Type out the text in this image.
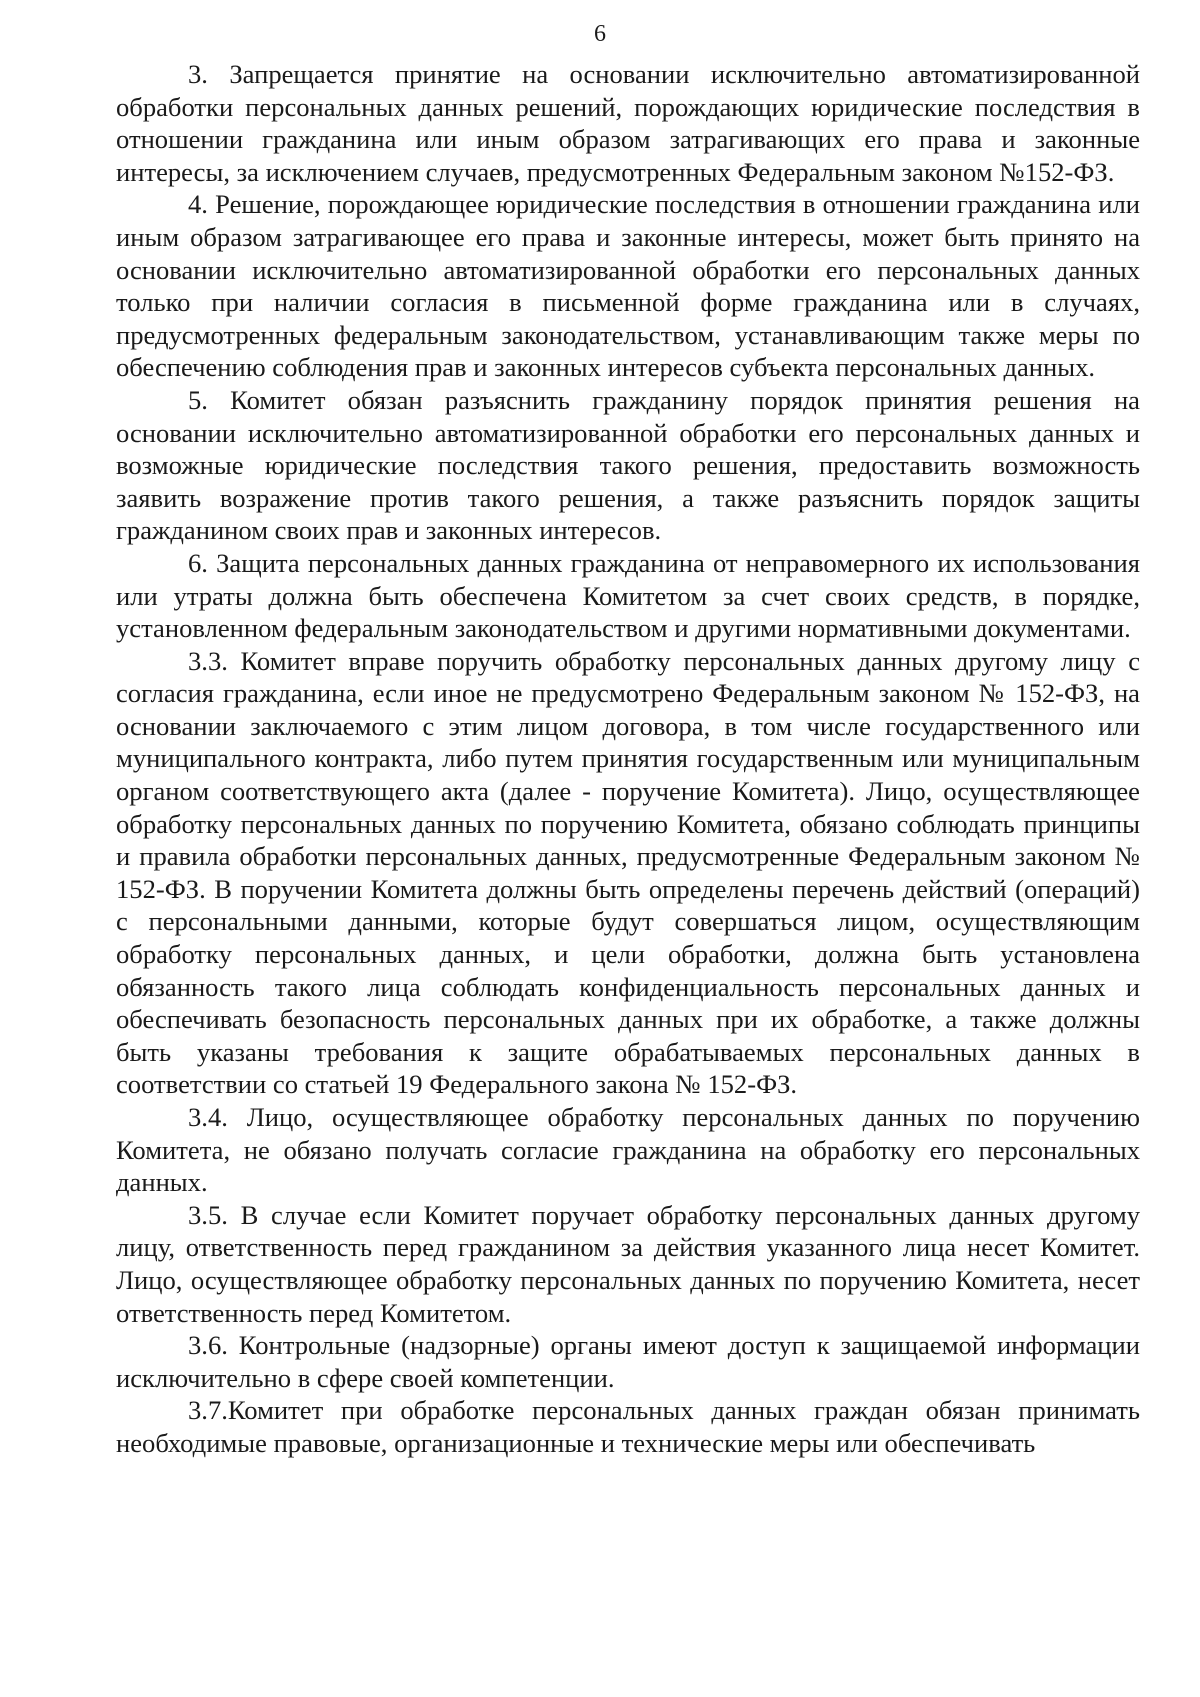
6

3. Запрещается принятие на основании исключительно автоматизированной обработки персональных данных решений, порождающих юридические последствия в отношении гражданина или иным образом затрагивающих его права и законные интересы, за исключением случаев, предусмотренных Федеральным законом №152-ФЗ.

4. Решение, порождающее юридические последствия в отношении гражданина или иным образом затрагивающее его права и законные интересы, может быть принято на основании исключительно автоматизированной обработки его персональных данных только при наличии согласия в письменной форме гражданина или в случаях, предусмотренных федеральным законодательством, устанавливающим также меры по обеспечению соблюдения прав и законных интересов субъекта персональных данных.

5. Комитет обязан разъяснить гражданину порядок принятия решения на основании исключительно автоматизированной обработки его персональных данных и возможные юридические последствия такого решения, предоставить возможность заявить возражение против такого решения, а также разъяснить порядок защиты гражданином своих прав и законных интересов.

6. Защита персональных данных гражданина от неправомерного их использования или утраты должна быть обеспечена Комитетом за счет своих средств, в порядке, установленном федеральным законодательством и другими нормативными документами.

3.3. Комитет вправе поручить обработку персональных данных другому лицу с согласия гражданина, если иное не предусмотрено Федеральным законом № 152-ФЗ, на основании заключаемого с этим лицом договора, в том числе государственного или муниципального контракта, либо путем принятия государственным или муниципальным органом соответствующего акта (далее - поручение Комитета). Лицо, осуществляющее обработку персональных данных по поручению Комитета, обязано соблюдать принципы и правила обработки персональных данных, предусмотренные Федеральным законом № 152-ФЗ. В поручении Комитета должны быть определены перечень действий (операций) с персональными данными, которые будут совершаться лицом, осуществляющим обработку персональных данных, и цели обработки, должна быть установлена обязанность такого лица соблюдать конфиденциальность персональных данных и обеспечивать безопасность персональных данных при их обработке, а также должны быть указаны требования к защите обрабатываемых персональных данных в соответствии со статьей 19 Федерального закона № 152-ФЗ.

3.4. Лицо, осуществляющее обработку персональных данных по поручению Комитета, не обязано получать согласие гражданина на обработку его персональных данных.

3.5. В случае если Комитет поручает обработку персональных данных другому лицу, ответственность перед гражданином за действия указанного лица несет Комитет. Лицо, осуществляющее обработку персональных данных по поручению Комитета, несет ответственность перед Комитетом.

3.6. Контрольные (надзорные) органы имеют доступ к защищаемой информации исключительно в сфере своей компетенции.

3.7.Комитет при обработке персональных данных граждан обязан принимать необходимые правовые, организационные и технические меры или обеспечивать
